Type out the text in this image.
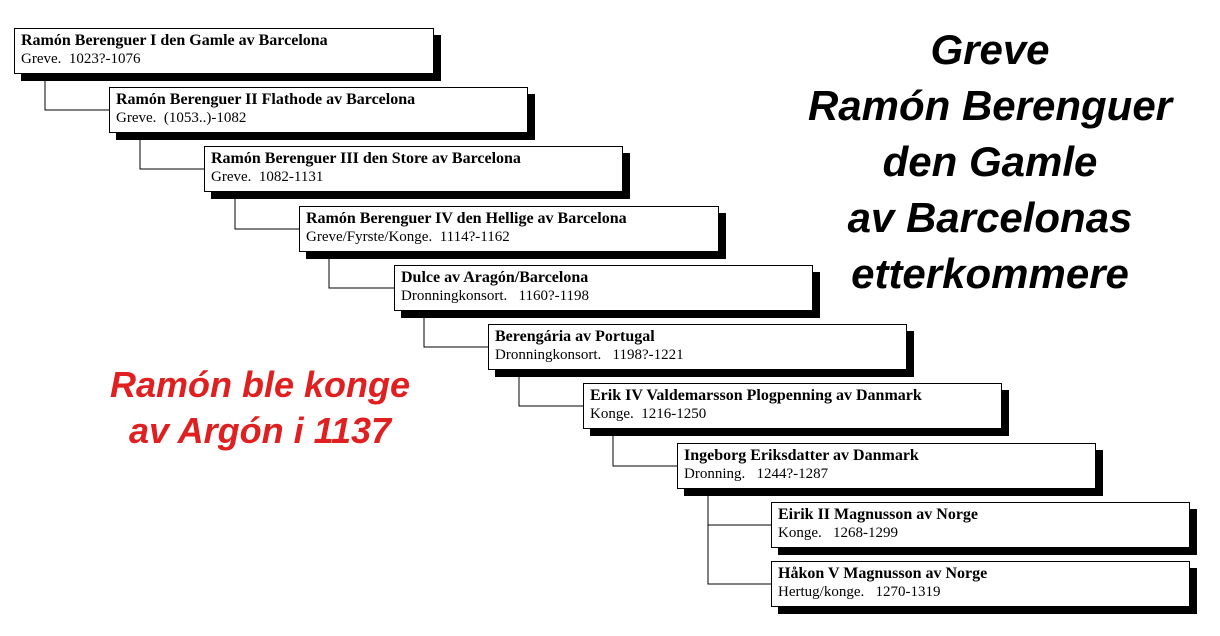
Ramón Berenguer I den Gamle av Barcelona
Greve.  1023?-1076
Ramón Berenguer II Flathode av Barcelona
Greve.  (1053..)-1082
Ramón Berenguer III den Store av Barcelona
Greve.  1082-1131
Ramón Berenguer IV den Hellige av Barcelona
Greve/Fyrste/Konge.  1114?-1162
Dulce av Aragón/Barcelona
Dronningkonsort.   1160?-1198
Berengária av Portugal
Dronningkonsort.   1198?-1221
Erik IV Valdemarsson Plogpenning av Danmark
Konge.  1216-1250
Ingeborg Eriksdatter av Danmark
Dronning.   1244?-1287
Eirik II Magnusson av Norge
Konge.   1268-1299
Håkon V Magnusson av Norge
Hertug/konge.   1270-1319
Greve
Ramón Berenguer
den Gamle
av Barcelonas
etterkommere
Ramón ble konge
av Argón i 1137
